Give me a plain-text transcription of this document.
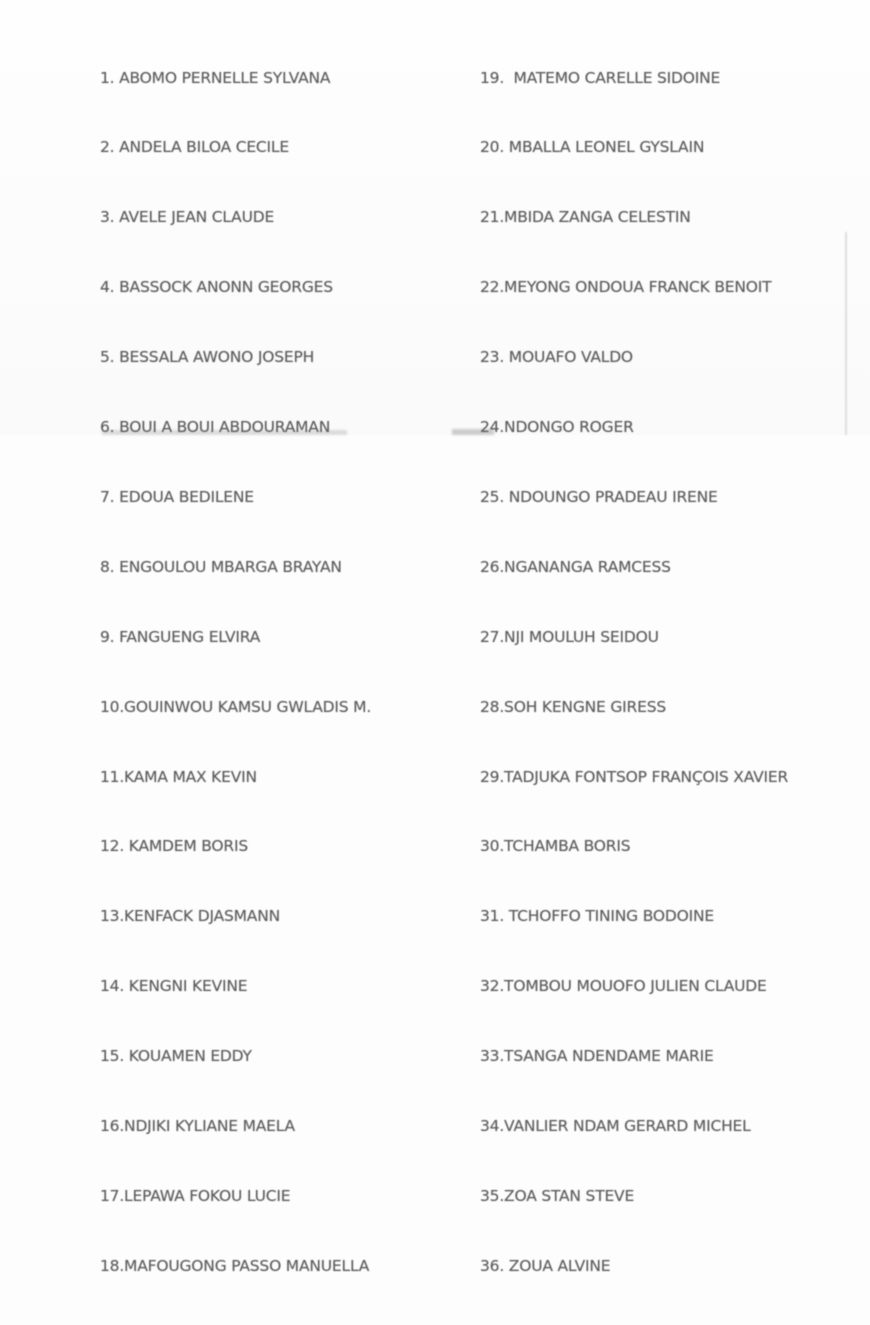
1. ABOMO PERNELLE SYLVANA

2. ANDELA BILOA CECILE

3. AVELE JEAN CLAUDE

4. BASSOCK ANONN GEORGES

5. BESSALA AWONO JOSEPH

6. BOUI A BOUI ABDOURAMAN

7. EDOUA BEDILENE

8. ENGOULOU MBARGA BRAYAN

9. FANGUENG ELVIRA

10.GOUINWOU KAMSU GWLADIS M.

11.KAMA MAX KEVIN

12. KAMDEM BORIS

13.KENFACK DJASMANN

14. KENGNI KEVINE

15. KOUAMEN EDDY

16.NDJIKI KYLIANE MAELA

17.LEPAWA FOKOU LUCIE

18.MAFOUGONG PASSO MANUELLA

19.  MATEMO CARELLE SIDOINE

20. MBALLA LEONEL GYSLAIN

21.MBIDA ZANGA CELESTIN

22.MEYONG ONDOUA FRANCK BENOIT

23. MOUAFO VALDO

24.NDONGO ROGER

25. NDOUNGO PRADEAU IRENE

26.NGANANGA RAMCESS

27.NJI MOULUH SEIDOU

28.SOH KENGNE GIRESS

29.TADJUKA FONTSOP FRANÇOIS XAVIER

30.TCHAMBA BORIS

31. TCHOFFO TINING BODOINE

32.TOMBOU MOUOFO JULIEN CLAUDE

33.TSANGA NDENDAME MARIE

34.VANLIER NDAM GERARD MICHEL

35.ZOA STAN STEVE

36. ZOUA ALVINE
